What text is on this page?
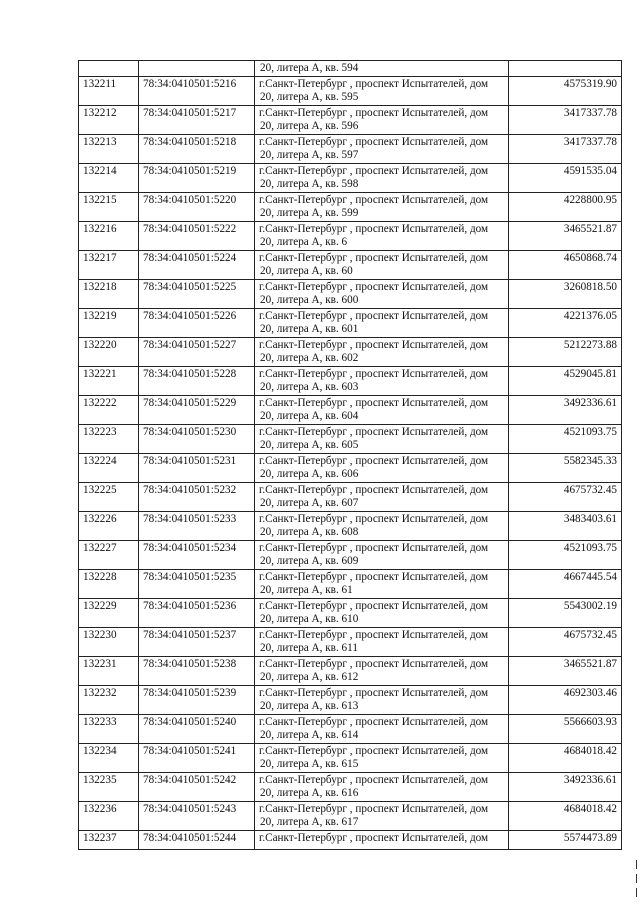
		20, литера А, кв. 594	

132211	78:34:0410501:5216	г.Санкт-Петербург , проспект Испытателей, дом
20, литера А, кв. 595	4575319.90
132212	78:34:0410501:5217	г.Санкт-Петербург , проспект Испытателей, дом
20, литера А, кв. 596	3417337.78
132213	78:34:0410501:5218	г.Санкт-Петербург , проспект Испытателей, дом
20, литера А, кв. 597	3417337.78
132214	78:34:0410501:5219	г.Санкт-Петербург , проспект Испытателей, дом
20, литера А, кв. 598	4591535.04
132215	78:34:0410501:5220	г.Санкт-Петербург , проспект Испытателей, дом
20, литера А, кв. 599	4228800.95
132216	78:34:0410501:5222	г.Санкт-Петербург , проспект Испытателей, дом
20, литера А, кв. 6	3465521.87
132217	78:34:0410501:5224	г.Санкт-Петербург , проспект Испытателей, дом
20, литера А, кв. 60	4650868.74
132218	78:34:0410501:5225	г.Санкт-Петербург , проспект Испытателей, дом
20, литера А, кв. 600	3260818.50
132219	78:34:0410501:5226	г.Санкт-Петербург , проспект Испытателей, дом
20, литера А, кв. 601	4221376.05
132220	78:34:0410501:5227	г.Санкт-Петербург , проспект Испытателей, дом
20, литера А, кв. 602	5212273.88
132221	78:34:0410501:5228	г.Санкт-Петербург , проспект Испытателей, дом
20, литера А, кв. 603	4529045.81
132222	78:34:0410501:5229	г.Санкт-Петербург , проспект Испытателей, дом
20, литера А, кв. 604	3492336.61
132223	78:34:0410501:5230	г.Санкт-Петербург , проспект Испытателей, дом
20, литера А, кв. 605	4521093.75
132224	78:34:0410501:5231	г.Санкт-Петербург , проспект Испытателей, дом
20, литера А, кв. 606	5582345.33
132225	78:34:0410501:5232	г.Санкт-Петербург , проспект Испытателей, дом
20, литера А, кв. 607	4675732.45
132226	78:34:0410501:5233	г.Санкт-Петербург , проспект Испытателей, дом
20, литера А, кв. 608	3483403.61
132227	78:34:0410501:5234	г.Санкт-Петербург , проспект Испытателей, дом
20, литера А, кв. 609	4521093.75
132228	78:34:0410501:5235	г.Санкт-Петербург , проспект Испытателей, дом
20, литера А, кв. 61	4667445.54
132229	78:34:0410501:5236	г.Санкт-Петербург , проспект Испытателей, дом
20, литера А, кв. 610	5543002.19
132230	78:34:0410501:5237	г.Санкт-Петербург , проспект Испытателей, дом
20, литера А, кв. 611	4675732.45
132231	78:34:0410501:5238	г.Санкт-Петербург , проспект Испытателей, дом
20, литера А, кв. 612	3465521.87
132232	78:34:0410501:5239	г.Санкт-Петербург , проспект Испытателей, дом
20, литера А, кв. 613	4692303.46
132233	78:34:0410501:5240	г.Санкт-Петербург , проспект Испытателей, дом
20, литера А, кв. 614	5566603.93
132234	78:34:0410501:5241	г.Санкт-Петербург , проспект Испытателей, дом
20, литера А, кв. 615	4684018.42
132235	78:34:0410501:5242	г.Санкт-Петербург , проспект Испытателей, дом
20, литера А, кв. 616	3492336.61
132236	78:34:0410501:5243	г.Санкт-Петербург , проспект Испытателей, дом
20, литера А, кв. 617	4684018.42
132237	78:34:0410501:5244	г.Санкт-Петербург , проспект Испытателей, дом	5574473.89
